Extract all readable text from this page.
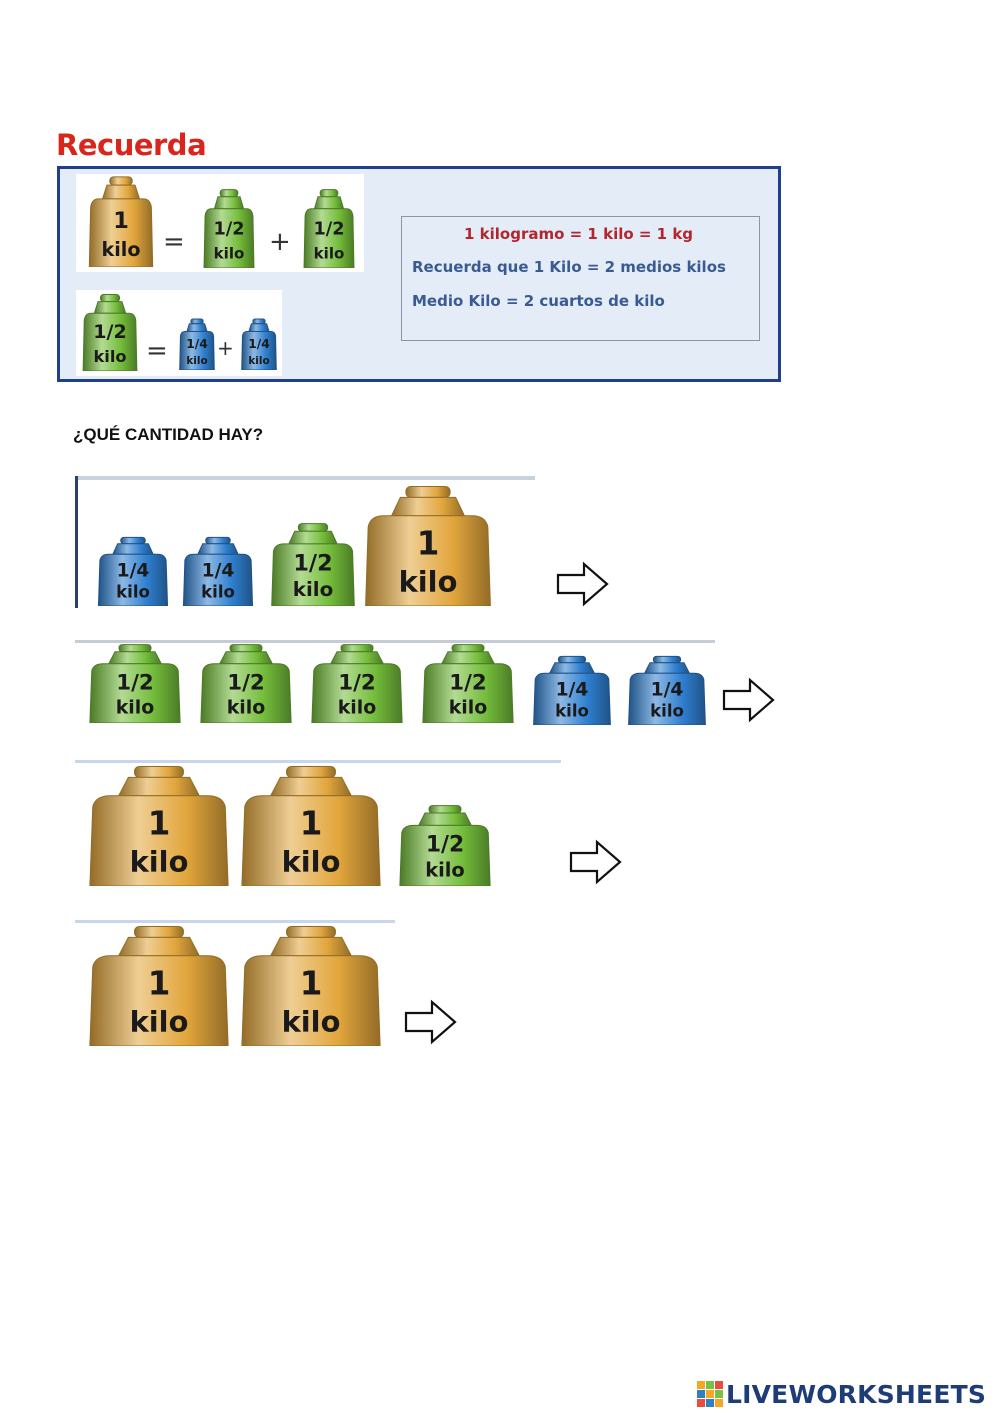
Recuerda
1
kilo = 1/2
kilo + 1/2
kilo
1/2
kilo = 1/4
kilo
+ 1/4
kilo
1 kilogramo = 1 kilo = 1 kg
Recuerda que 1 Kilo = 2 medios kilos
Medio Kilo = 2 cuartos de kilo
¿QUÉ CANTIDAD HAY?
1/4
kilo
1/4
kilo
1/2
kilo
1
kilo
1/2
kilo
1/2
kilo
1/2
kilo
1/2
kilo
1/4
kilo
1/4
kilo
1
kilo
1
kilo	1/2
kilo
1
kilo
1
kilo
LIVEWORKSHEETS
